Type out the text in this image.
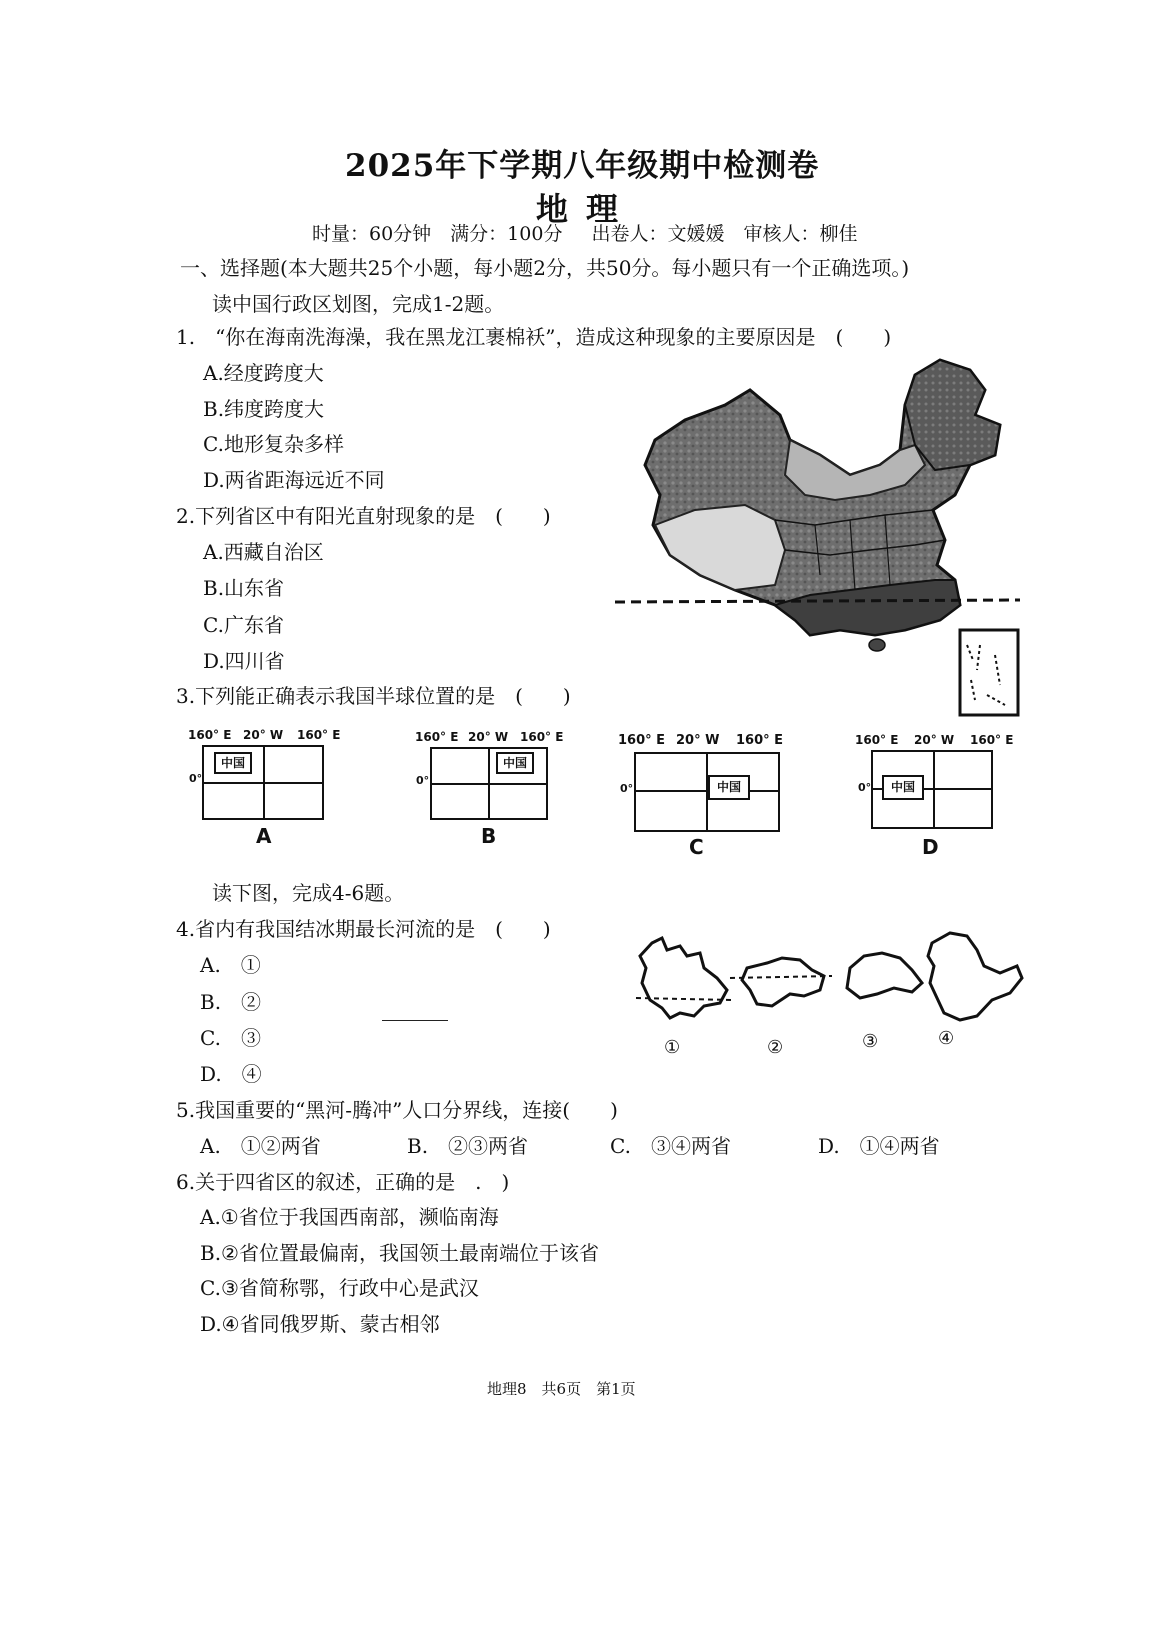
2025年下学期八年级期中检测卷
地理
时量：60分钟　满分：100分　 出卷人：文媛媛　审核人：柳佳
一、选择题(本大题共25个小题，每小题2分，共50分。每小题只有一个正确选项。)
读中国行政区划图，完成1-2题。
1.　“你在海南洗海澡，我在黑龙江裹棉袄”，造成这种现象的主要原因是　(　　)
A.经度跨度大
B.纬度跨度大
C.地形复杂多样
D.两省距海远近不同
2.下列省区中有阳光直射现象的是　(　　)
A.西藏自治区
B.山东省
C.广东省
D.四川省
3.下列能正确表示我国半球位置的是　(　　)
160° E 20° W 160° E
0°
中国
A
160° E 20° W 160° E
0°
中国
B
160° E 20° W 160° E
0°	中国
C
160° E 20° W 160° E
0°	中国
D
读下图，完成4-6题。
4.省内有我国结冰期最长河流的是　(　　)
A.　①
B.　②
C.　③
D.　④
①	②	③	④
5.我国重要的“黑河-腾冲”人口分界线，连接(　　)
A.　①②两省	B.　②③两省	C.　③④两省	D.　①④两省
6.关于四省区的叙述，正确的是　.　)
A.①省位于我国西南部，濒临南海
B.②省位置最偏南，我国领土最南端位于该省
C.③省简称鄂，行政中心是武汉
D.④省同俄罗斯、蒙古相邻
地理8　共6页　第1页
